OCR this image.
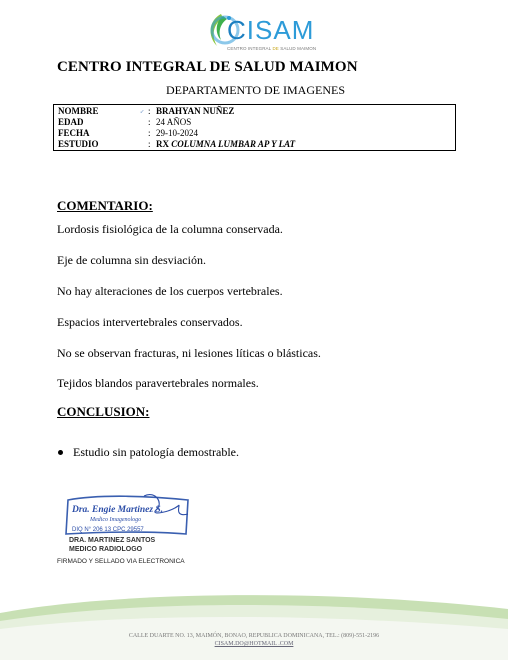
CISAM
CENTRO INTEGRAL DE SALUD MAIMON
CENTRO INTEGRAL DE SALUD MAIMON
DEPARTAMENTO DE IMAGENES
↙
NOMBRE	: BRAHYAN NUÑEZ
EDAD	: 24 AÑOS
FECHA	: 29-10-2024
ESTUDIO	: RX COLUMNA LUMBAR AP Y LAT
COMENTARIO:
Lordosis fisiológica de la columna conservada.
Eje de columna sin desviación.
No hay alteraciones de los cuerpos vertebrales.
Espacios intervertebrales conservados.
No se observan fracturas, ni lesiones líticas o blásticas.
Tejidos blandos paravertebrales normales.
CONCLUSION:
Estudio sin patología demostrable.
Dra. Engie Martinez S.
Medico Imagenologo
DIQ N° 206 13 CPC 29557
DRA. MARTINEZ SANTOS
MEDICO RADIOLOGO
FIRMADO Y SELLADO VIA ELECTRONICA
CALLE DUARTE NO. 13, MAIMÓN, BONAO, REPUBLICA DOMINICANA, TEL.: (809)-551-2196
CISAM.DO@HOTMAIL .COM
